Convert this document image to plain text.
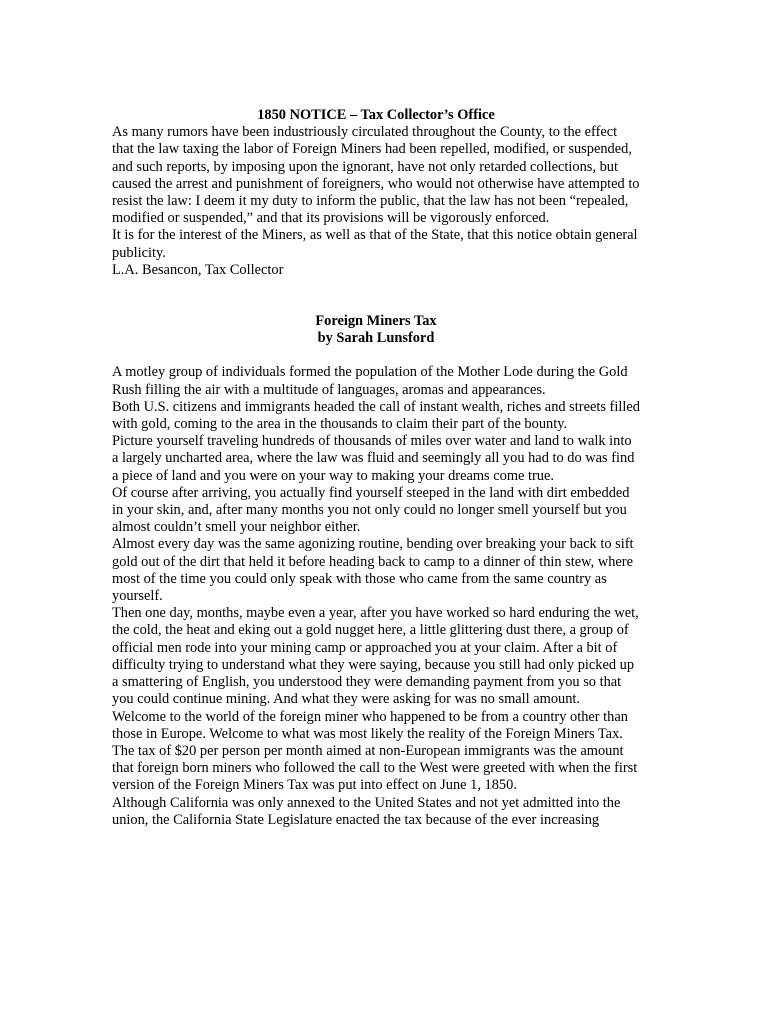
1850 NOTICE – Tax Collector’s Office

As many rumors have been industriously circulated throughout the County, to the effect that the law taxing the labor of Foreign Miners had been repelled, modified, or suspended, and such reports, by imposing upon the ignorant, have not only retarded collections, but caused the arrest and punishment of foreigners, who would not otherwise have attempted to resist the law: I deem it my duty to inform the public, that the law has not been “repealed, modified or suspended,” and that its provisions will be vigorously enforced.

It is for the interest of the Miners, as well as that of the State, that this notice obtain general publicity.

L.A. Besancon, Tax Collector

Foreign Miners Tax

by Sarah Lunsford

A motley group of individuals formed the population of the Mother Lode during the Gold Rush filling the air with a multitude of languages, aromas and appearances.

Both U.S. citizens and immigrants headed the call of instant wealth, riches and streets filled with gold, coming to the area in the thousands to claim their part of the bounty.

Picture yourself traveling hundreds of thousands of miles over water and land to walk into a largely uncharted area, where the law was fluid and seemingly all you had to do was find a piece of land and you were on your way to making your dreams come true.

Of course after arriving, you actually find yourself steeped in the land with dirt embedded in your skin, and, after many months you not only could no longer smell yourself but you almost couldn’t smell your neighbor either.

Almost every day was the same agonizing routine, bending over breaking your back to sift gold out of the dirt that held it before heading back to camp to a dinner of thin stew, where most of the time you could only speak with those who came from the same country as yourself.

Then one day, months, maybe even a year, after you have worked so hard enduring the wet, the cold, the heat and eking out a gold nugget here, a little glittering dust there, a group of official men rode into your mining camp or approached you at your claim. After a bit of difficulty trying to understand what they were saying, because you still had only picked up a smattering of English, you understood they were demanding payment from you so that you could continue mining. And what they were asking for was no small amount.

Welcome to the world of the foreign miner who happened to be from a country other than those in Europe. Welcome to what was most likely the reality of the Foreign Miners Tax.

The tax of $20 per person per month aimed at non-European immigrants was the amount that foreign born miners who followed the call to the West were greeted with when the first version of the Foreign Miners Tax was put into effect on June 1, 1850.

Although California was only annexed to the United States and not yet admitted into the union, the California State Legislature enacted the tax because of the ever increasing
